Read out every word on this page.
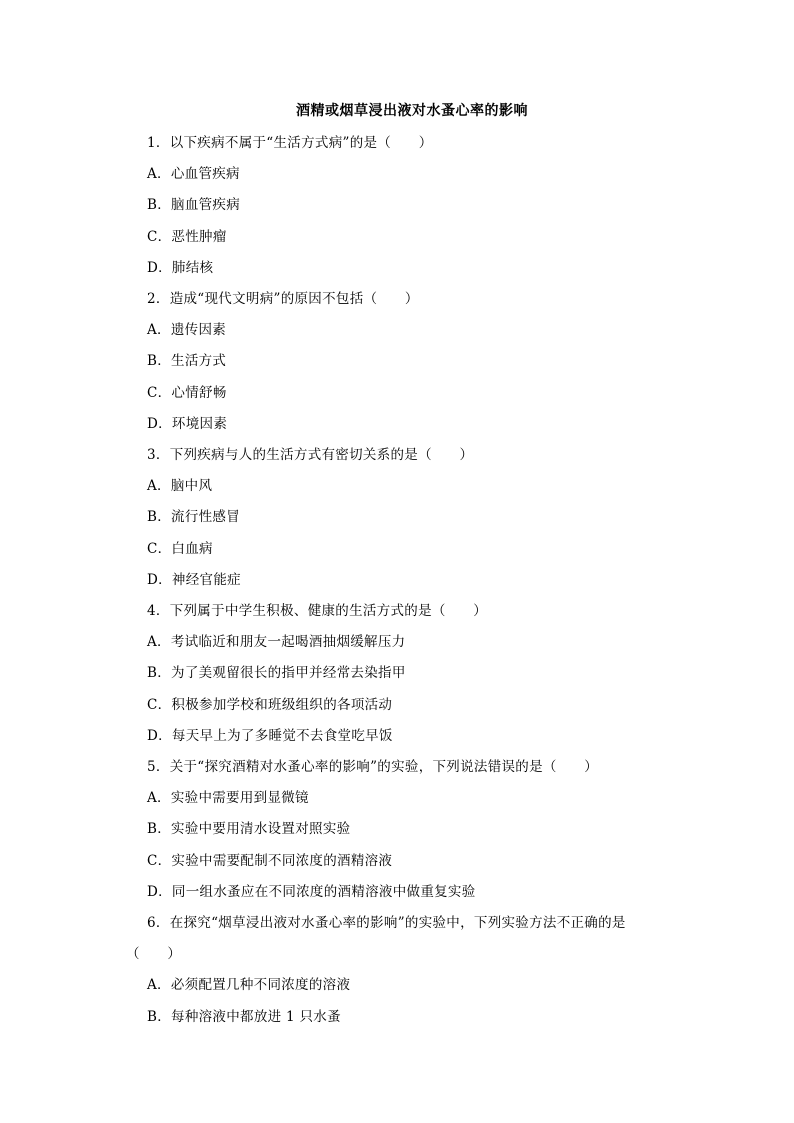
酒精或烟草浸出液对水蚤心率的影响
1．以下疾病不属于“生活方式病”的是（　　）
A．心血管疾病
B．脑血管疾病
C．恶性肿瘤
D．肺结核
2．造成“现代文明病”的原因不包括（　　）
A．遗传因素
B．生活方式
C．心情舒畅
D．环境因素
3．下列疾病与人的生活方式有密切关系的是（　　）
A．脑中风
B．流行性感冒
C．白血病
D．神经官能症
4．下列属于中学生积极、健康的生活方式的是（　　）
A．考试临近和朋友一起喝酒抽烟缓解压力
B．为了美观留很长的指甲并经常去染指甲
C．积极参加学校和班级组织的各项活动
D．每天早上为了多睡觉不去食堂吃早饭
5．关于“探究酒精对水蚤心率的影响”的实验，下列说法错误的是（　　）
A．实验中需要用到显微镜
B．实验中要用清水设置对照实验
C．实验中需要配制不同浓度的酒精溶液
D．同一组水蚤应在不同浓度的酒精溶液中做重复实验
6．在探究“烟草浸出液对水蚤心率的影响”的实验中，下列实验方法不正确的是
（　　）
A．必须配置几种不同浓度的溶液
B．每种溶液中都放进 1 只水蚤
